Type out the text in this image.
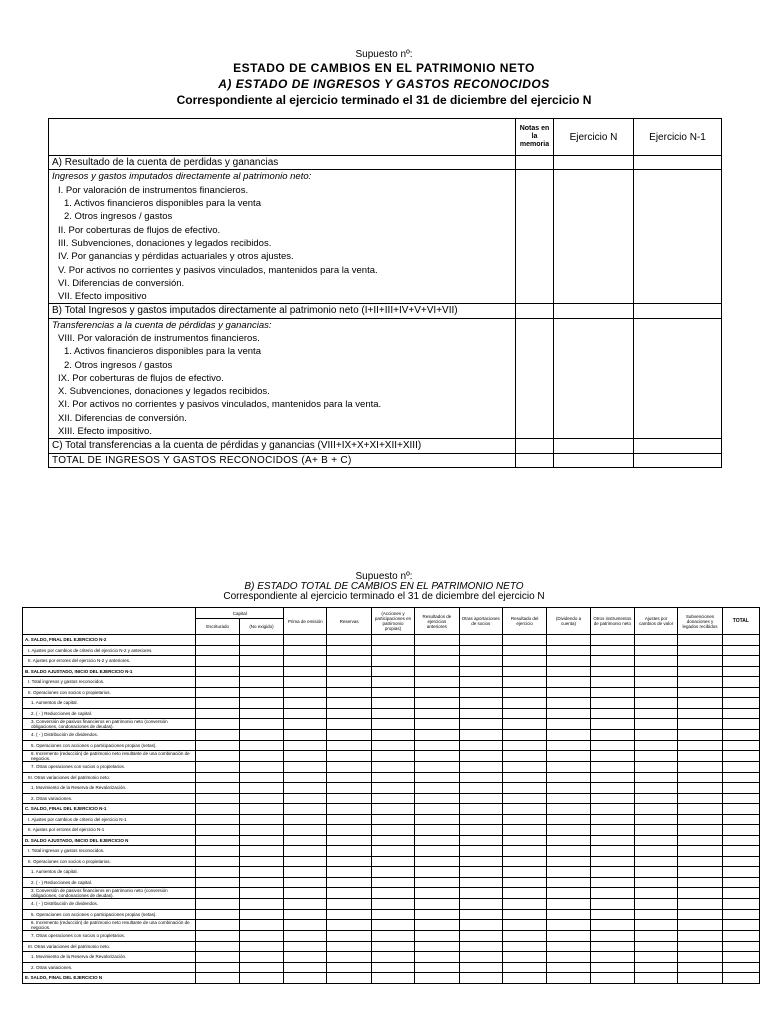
Supuesto nº:
ESTADO DE CAMBIOS EN EL PATRIMONIO NETO
A) ESTADO DE INGRESOS Y GASTOS RECONOCIDOS
Correspondiente al ejercicio terminado el 31 de diciembre del ejercicio N
	Notas en la memoria	Ejercicio N	Ejercicio N-1
A) Resultado de la cuenta de perdidas y ganancias			
Ingresos y gastos imputados directamente al patrimonio neto:			
I. Por valoración de instrumentos financieros.			
1. Activos financieros disponibles para la venta			
2. Otros ingresos / gastos			
II. Por coberturas de flujos de efectivo.			
III. Subvenciones, donaciones y legados recibidos.			
IV. Por ganancias y pérdidas actuariales y otros ajustes.			
V. Por activos no corrientes y pasivos vinculados, mantenidos para la venta.			
VI. Diferencias de conversión.			
VII. Efecto impositivo			
B) Total Ingresos y gastos imputados directamente al patrimonio neto (I+II+III+IV+V+VI+VII)			
Transferencias a la cuenta de pérdidas y ganancias:			
VIII. Por valoración de instrumentos financieros.			
1. Activos financieros disponibles para la venta			
2. Otros ingresos / gastos			
IX. Por coberturas de flujos de efectivo.			
X. Subvenciones, donaciones y legados recibidos.			
XI. Por activos no corrientes y pasivos vinculados, mantenidos para la venta.			
XII. Diferencias de conversión.			
XIII. Efecto impositivo.			
C) Total transferencias a la cuenta de pérdidas y ganancias (VIII+IX+X+XI+XII+XIII)			
TOTAL DE INGRESOS Y GASTOS RECONOCIDOS (A+ B + C)			
Supuesto nº:
B) ESTADO TOTAL DE CAMBIOS EN EL PATRIMONIO NETO
Correspondiente al ejercicio terminado el 31 de diciembre del ejercicio N
	Capital		Prima de emisión	Reservas	(Acciones y participaciones en patrimonio propias)	Resultados de ejercicios anteriores	Otras aportaciones de socios	Resultado del ejercicio	(Dividendo a cuenta)	Otros instrumentos de patrimonio neto	Ajustes por cambios de valor	Subvenciones donaciones y legados recibidos	TOTAL
	Escriturado	(No exigido)											
A. SALDO, FINAL DEL EJERCICIO N-2													
I. Ajustes por cambios de criterio del ejercicio N-2 y anteriores.													
II. Ajustes por errores del ejercicio N-2 y anteriores.													
B. SALDO AJUSTADO, INICIO DEL EJERCICIO N-1													
I. Total ingresos y gastos reconocidos.													
II. Operaciones con socios o propietarios.													
1. Aumentos de capital.													
2. ( - ) Reducciones de capital.													
3. Conversión de pasivos financieros en patrimonio neto (conversión obligaciones, condonaciones de deudas).													
4. ( - ) Distribución de dividendos.													
5. Operaciones con acciones o participaciones propias (netas).													
6. Incremento (reducción) de patrimonio neto resultante de una combinación de negocios.													
7. Otras operaciones con socios o propietarios.													
III. Otras variaciones del patrimonio neto.													
1. Movimiento de la Reserva de Revalorización.													
2. Otras variaciones.													
C. SALDO, FINAL DEL EJERCICIO N-1													
I. Ajustes por cambios de criterio del ejercicio N-1													
II. Ajustes por errores del ejercicio N-1													
D. SALDO AJUSTADO, INICIO DEL EJERCICIO N													
I. Total ingresos y gastos reconocidos.													
II. Operaciones con socios o propietarios.													
1. Aumentos de capital.													
2. ( - ) Reducciones de capital.													
3. Conversión de pasivos financieros en patrimonio neto (conversión obligaciones, condonaciones de deudas).													
4. ( - ) Distribución de dividendos.													
5. Operaciones con acciones o participaciones propias (netas).													
6. Incremento (reducción) de patrimonio neto resultante de una combinación de negocios.													
7. Otras operaciones con socios o propietarios.													
III. Otras variaciones del patrimonio neto.													
1. Movimiento de la Reserva de Revalorización.													
2. Otras variaciones.													
E. SALDO, FINAL DEL EJERCICIO N													
